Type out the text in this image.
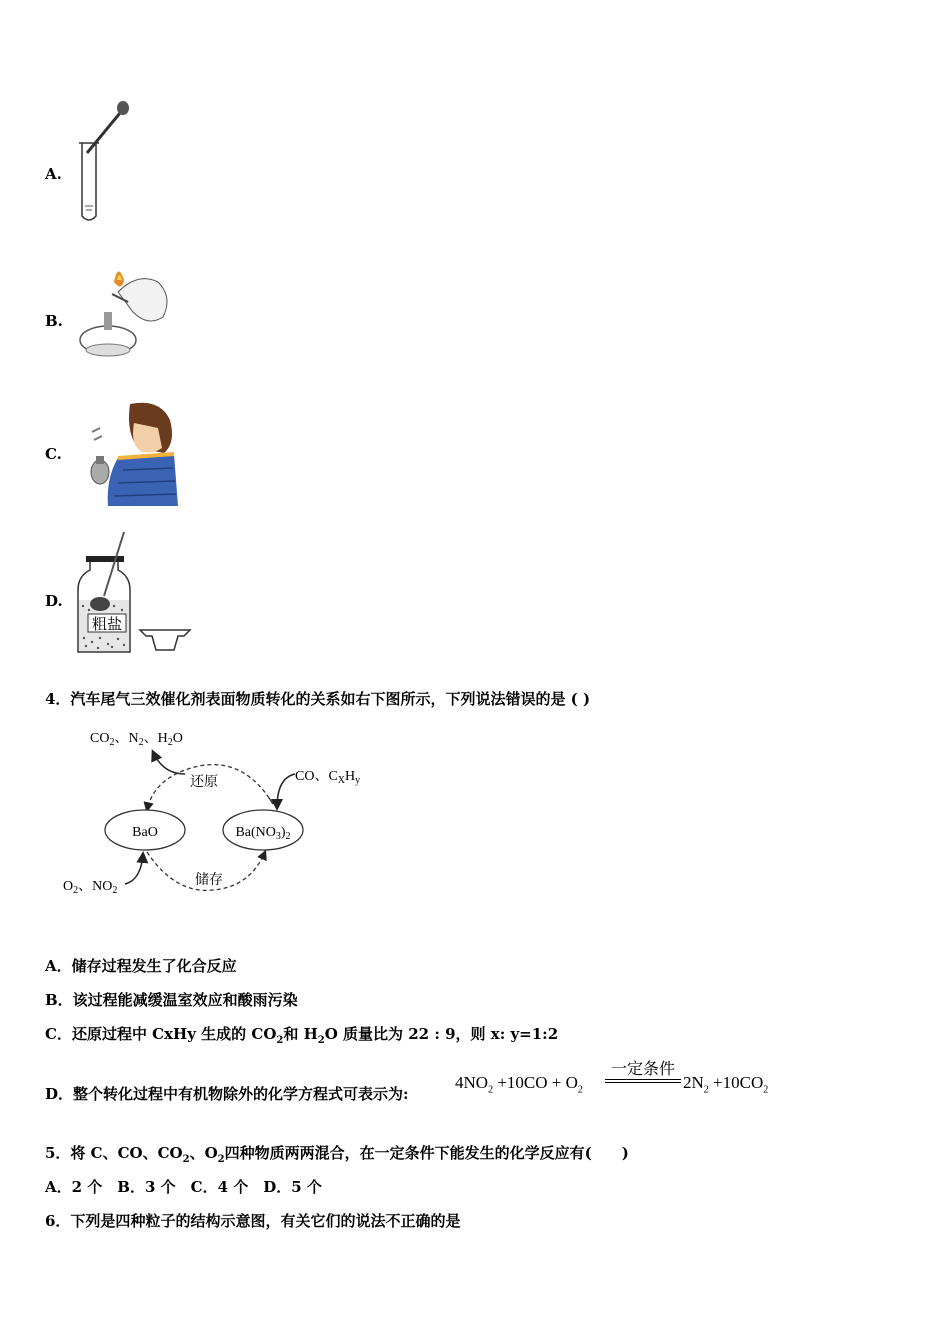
A.
B.
C.
D.
粗盐
4．汽车尾气三效催化剂表面物质转化的关系如右下图所示，下列说法错误的是 ( )
$CO_2$、$N_2$、$H_2O$
还原	CO、$C_XH_y$
BaO	$Ba(NO_3)_2$
储存
$O_2$、$NO_2$
A．储存过程发生了化合反应
B．该过程能减缓温室效应和酸雨污染
C．还原过程中 CxHy 生成的 $CO_2$和 $H_2O$ 质量比为 22 : 9，则 x: y=1:2
D．整个转化过程中有机物除外的化学方程式可表示为:
$4NO_2 +10CO + O_2$
一定条件
$2N_2 +10CO_2$
5．将 C、CO、$CO_2$、$O_2$四种物质两两混合，在一定条件下能发生的化学反应有(　　)
A．2 个　B．3 个　C．4 个　D．5 个
6．下列是四种粒子的结构示意图，有关它们的说法不正确的是
